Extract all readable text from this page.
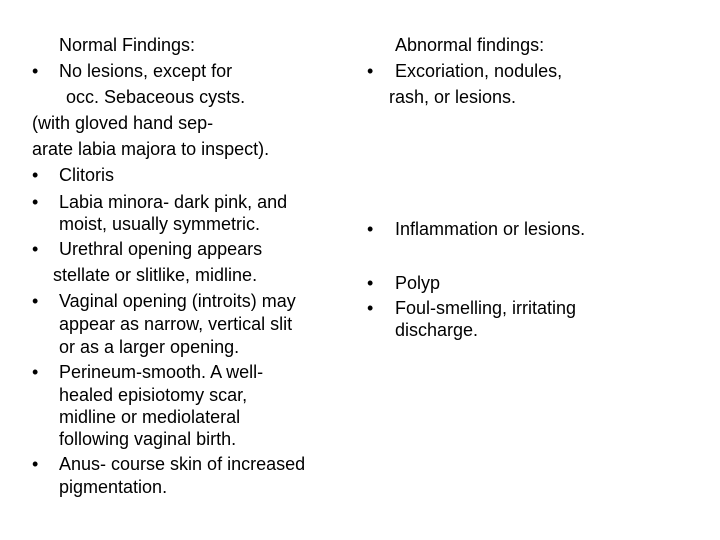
Normal Findings:
• No lesions, except for
occ. Sebaceous cysts.
(with gloved hand sep-
arate labia majora to inspect).
• Clitoris
• Labia minora- dark pink, and
moist, usually symmetric.
• Urethral opening appears
stellate or slitlike, midline.
• Vaginal opening (introits) may
appear as narrow, vertical slit
or as a larger opening.
• Perineum-smooth. A well-
healed episiotomy scar,
midline or mediolateral
following vaginal birth.
• Anus- course skin of increased
pigmentation.
Abnormal findings:
• Excoriation, nodules,
rash, or lesions.
• Inflammation or lesions.
• Polyp
• Foul-smelling, irritating
discharge.
